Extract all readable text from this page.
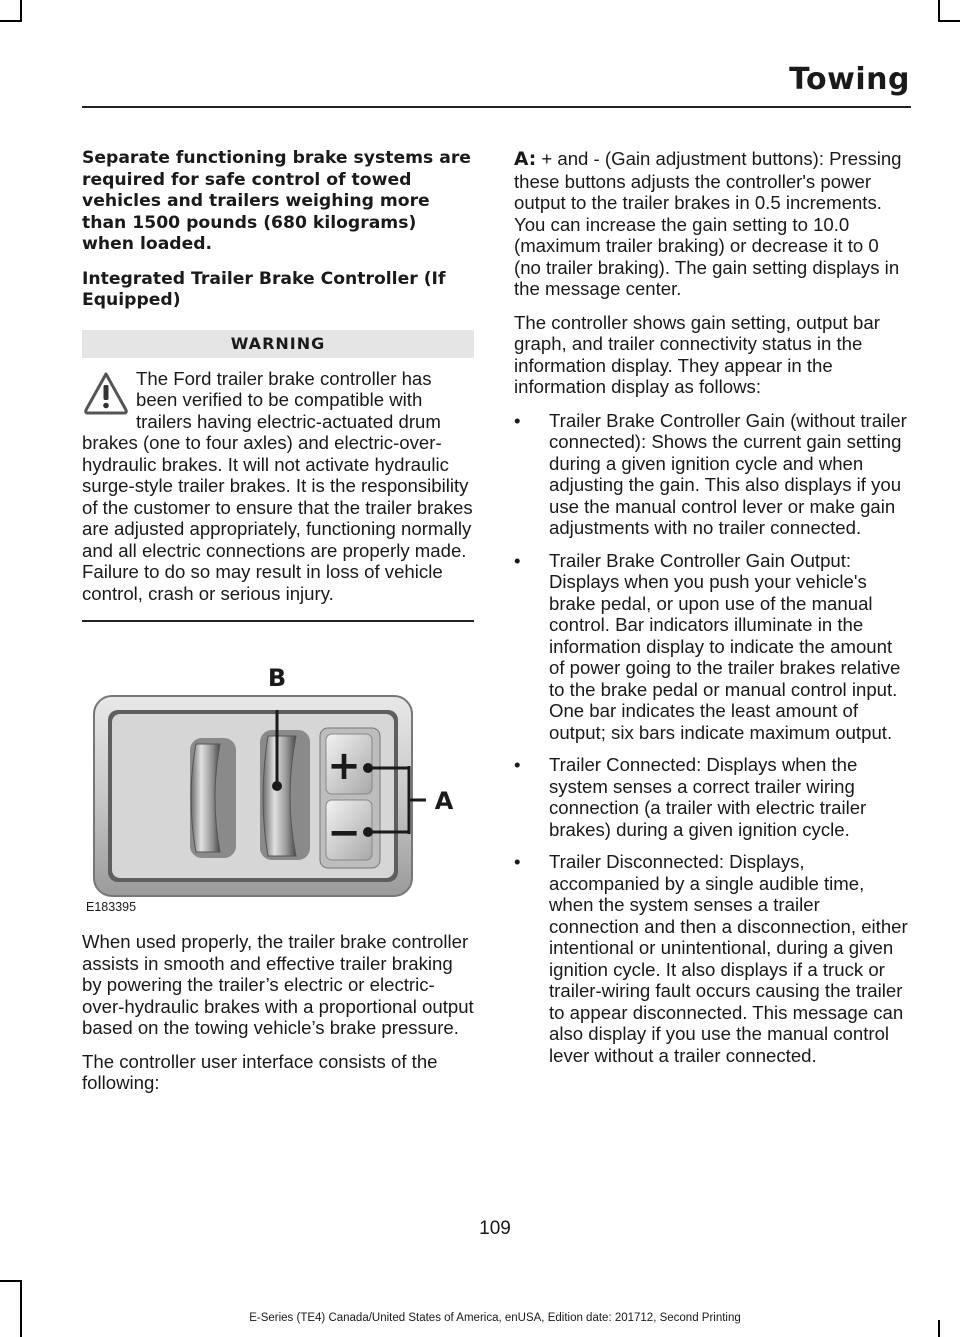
Towing
Separate functioning brake systems are required for safe control of towed vehicles and trailers weighing more than 1500 pounds (680 kilograms) when loaded.
Integrated Trailer Brake Controller (If Equipped)
WARNING
The Ford trailer brake controller has been verified to be compatible with trailers having electric-actuated drum brakes (one to four axles) and electric-over-hydraulic brakes. It will not activate hydraulic surge-style trailer brakes. It is the responsibility of the customer to ensure that the trailer brakes are adjusted appropriately, functioning normally and all electric connections are properly made. Failure to do so may result in loss of vehicle control, crash or serious injury.
+
−
B
A
E183395

When used properly, the trailer brake controller assists in smooth and effective trailer braking by powering the trailer’s electric or electric-over-hydraulic brakes with a proportional output based on the towing vehicle’s brake pressure.

The controller user interface consists of the following:

A: + and - (Gain adjustment buttons): Pressing these buttons adjusts the controller's power output to the trailer brakes in 0.5 increments. You can increase the gain setting to 10.0 (maximum trailer braking) or decrease it to 0 (no trailer braking). The gain setting displays in the message center.

The controller shows gain setting, output bar graph, and trailer connectivity status in the information display. They appear in the information display as follows:

• Trailer Brake Controller Gain (without trailer connected): Shows the current gain setting during a given ignition cycle and when adjusting the gain. This also displays if you use the manual control lever or make gain adjustments with no trailer connected.
• Trailer Brake Controller Gain Output: Displays when you push your vehicle's brake pedal, or upon use of the manual control. Bar indicators illuminate in the information display to indicate the amount of power going to the trailer brakes relative to the brake pedal or manual control input. One bar indicates the least amount of output; six bars indicate maximum output.
• Trailer Connected: Displays when the system senses a correct trailer wiring connection (a trailer with electric trailer brakes) during a given ignition cycle.
• Trailer Disconnected: Displays, accompanied by a single audible time, when the system senses a trailer connection and then a disconnection, either intentional or unintentional, during a given ignition cycle. It also displays if a truck or trailer-wiring fault occurs causing the trailer to appear disconnected. This message can also display if you use the manual control lever without a trailer connected.
109
E-Series (TE4) Canada/United States of America, enUSA, Edition date: 201712, Second Printing
